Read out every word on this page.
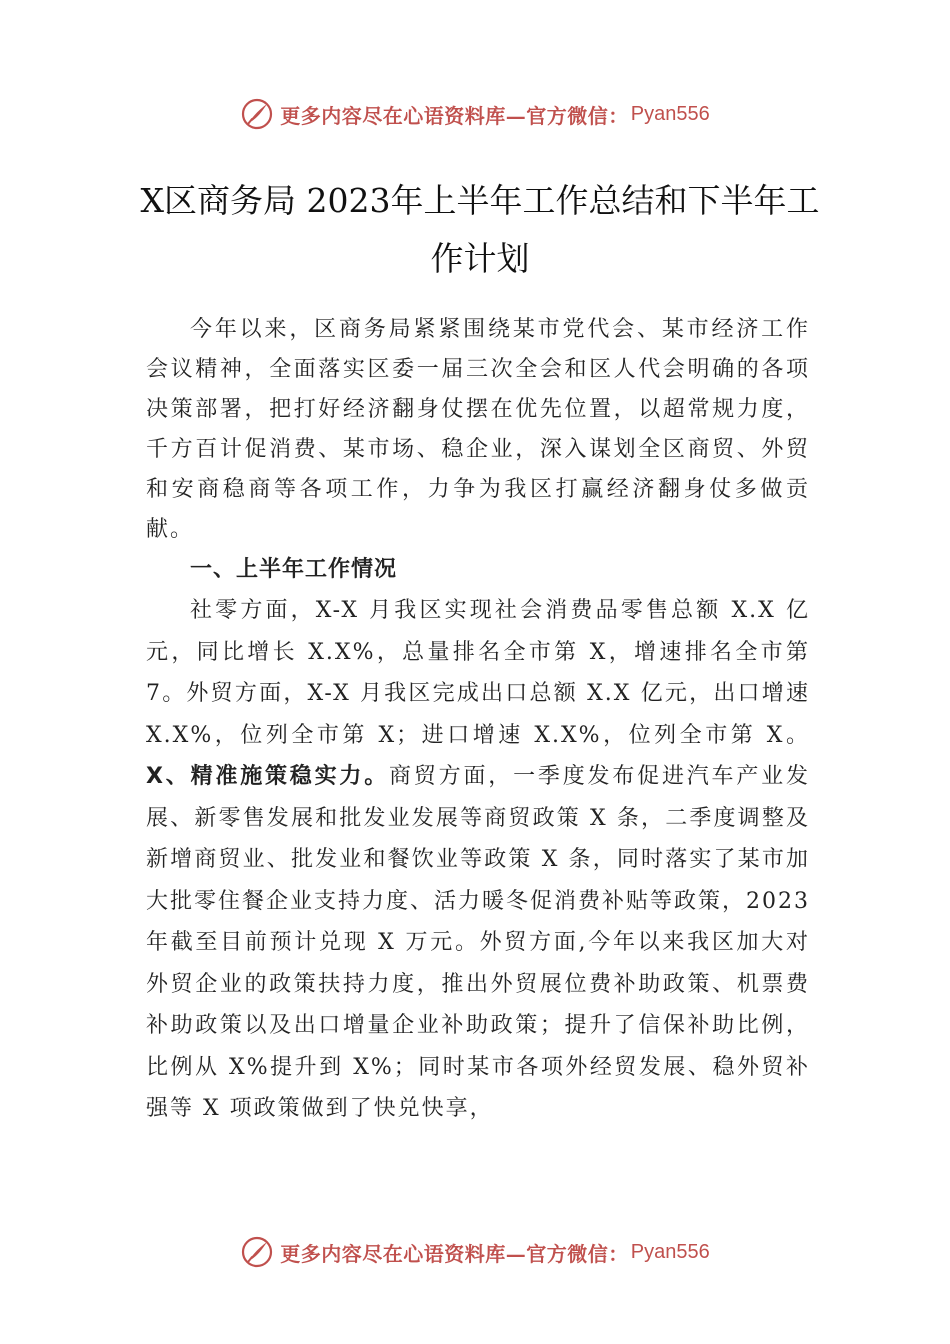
更多内容尽在心语资料库—官方微信： Pyan556
X区商务局 2023年上半年工作总结和下半年工作计划

今年以来，区商务局紧紧围绕某市党代会、某市经济工作会议精神，全面落实区委一届三次全会和区人代会明确的各项决策部署，把打好经济翻身仗摆在优先位置，以超常规力度，千方百计促消费、某市场、稳企业，深入谋划全区商贸、外贸和安商稳商等各项工作，力争为我区打赢经济翻身仗多做贡献。

一、上半年工作情况

社零方面，X-X 月我区实现社会消费品零售总额 X.X 亿元，同比增长 X.X%，总量排名全市第 X，增速排名全市第 7。外贸方面，X-X 月我区完成出口总额 X.X 亿元，出口增速 X.X%，位列全市第 X；进口增速 X.X%，位列全市第 X。X、精准施策稳实力。商贸方面，一季度发布促进汽车产业发展、新零售发展和批发业发展等商贸政策 X 条，二季度调整及新增商贸业、批发业和餐饮业等政策 X 条，同时落实了某市加大批零住餐企业支持力度、活力暖冬促消费补贴等政策，2023 年截至目前预计兑现 X 万元。外贸方面,今年以来我区加大对外贸企业的政策扶持力度，推出外贸展位费补助政策、机票费补助政策以及出口增量企业补助政策；提升了信保补助比例，比例从 X%提升到 X%；同时某市各项外经贸发展、稳外贸补强等 X 项政策做到了快兑快享，

更多内容尽在心语资料库—官方微信： Pyan556
